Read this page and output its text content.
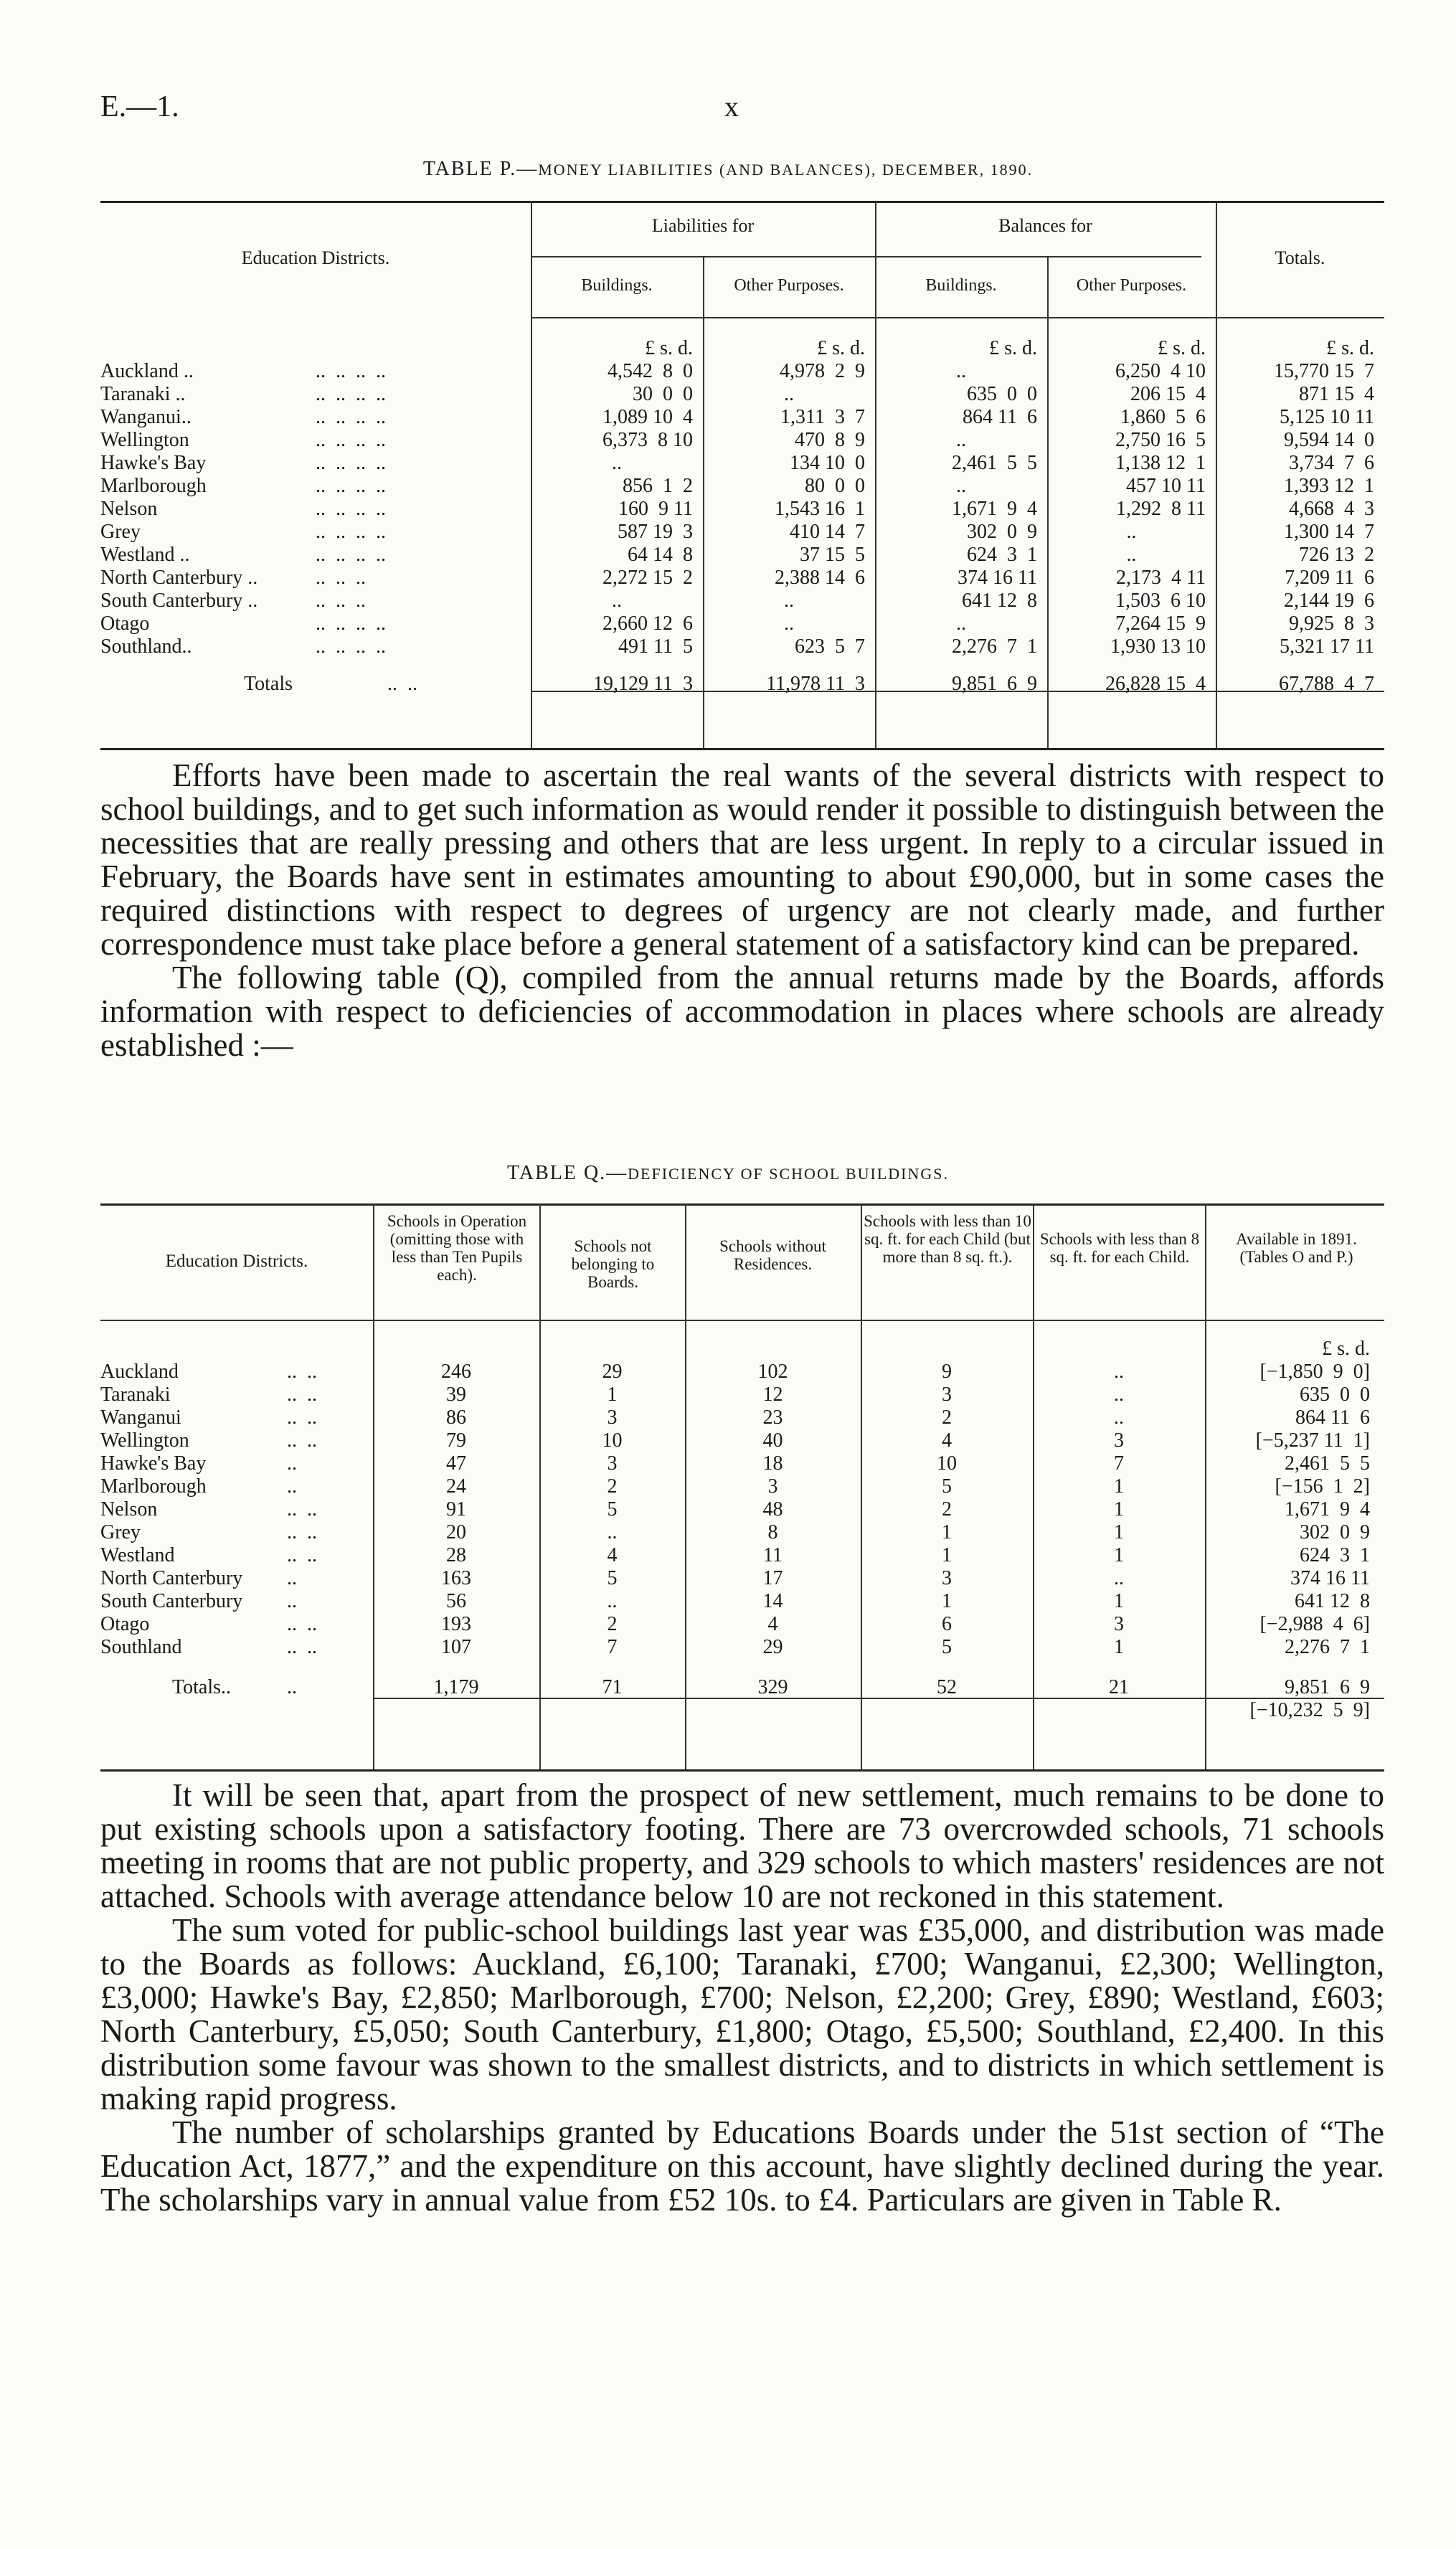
E.—1.	x
TABLE P.—MONEY LIABILITIES (AND BALANCES), DECEMBER, 1890.
Education Districts.
Liabilities for	Balances for
Totals.
Buildings.	Other Purposes.	Buildings.	Other Purposes.
	£ s. d.	£ s. d.	£ s. d.	£ s. d.	£ s. d.
Auckland .. ..  ..  ..  ..	4,542  8  0	4,978  2  9	..	6,250  4 10	15,770 15  7
Taranaki .. ..  ..  ..  ..	30  0  0	..	635  0  0	206 15  4	871 15  4
Wanganui.. ..  ..  ..  ..	1,089 10  4	1,311  3  7	864 11  6	1,860  5  6	5,125 10 11
Wellington ..  ..  ..  ..	6,373  8 10	470  8  9	..	2,750 16  5	9,594 14  0
Hawke's Bay ..  ..  ..  ..	..	134 10  0	2,461  5  5	1,138 12  1	3,734  7  6
Marlborough ..  ..  ..  ..	856  1  2	80  0  0	..	457 10 11	1,393 12  1
Nelson ..  ..  ..  ..	160  9 11	1,543 16  1	1,671  9  4	1,292  8 11	4,668  4  3
Grey ..  ..  ..  ..	587 19  3	410 14  7	302  0  9	..	1,300 14  7
Westland .. ..  ..  ..  ..	64 14  8	37 15  5	624  3  1	..	726 13  2
North Canterbury .. ..  ..  ..	2,272 15  2	2,388 14  6	374 16 11	2,173  4 11	7,209 11  6
South Canterbury .. ..  ..  ..	..	..	641 12  8	1,503  6 10	2,144 19  6
Otago ..  ..  ..  ..	2,660 12  6	..	..	7,264 15  9	9,925  8  3
Southland.. ..  ..  ..  ..	491 11  5	623  5  7	2,276  7  1	1,930 13 10	5,321 17 11

Totals ..  ..	19,129 11  3	11,978 11  3	9,851  6  9	26,828 15  4	67,788  4  7

Efforts have been made to ascertain the real wants of the several districts with respect to school buildings, and to get such information as would render it possible to distinguish between the necessities that are really pressing and others that are less urgent. In reply to a circular issued in February, the Boards have sent in estimates amounting to about £90,000, but in some cases the required distinctions with respect to degrees of urgency are not clearly made, and further correspondence must take place before a general statement of a satisfactory kind can be prepared.

The following table (Q), compiled from the annual returns made by the Boards, affords information with respect to deficiencies of accommodation in places where schools are already established :—

TABLE Q.—DEFICIENCY OF SCHOOL BUILDINGS.
Education Districts.
Schools in Operation (omitting those with less than Ten Pupils each).
Schools not belonging to Boards.
Schools without Residences.
Schools with less than 10 sq. ft. for each Child (but more than 8 sq. ft.).
Schools with less than 8 sq. ft. for each Child.
Available in 1891. (Tables O and P.)
						£ s. d.
Auckland ..  ..	246	29	102	9	..	[−1,850  9  0]
Taranaki ..  ..	39	1	12	3	..	635  0  0
Wanganui ..  ..	86	3	23	2	..	864 11  6
Wellington ..  ..	79	10	40	4	3	[−5,237 11  1]
Hawke's Bay ..	47	3	18	10	7	2,461  5  5
Marlborough ..	24	2	3	5	1	[−156  1  2]
Nelson ..  ..	91	5	48	2	1	1,671  9  4
Grey ..  ..	20	..	8	1	1	302  0  9
Westland ..  ..	28	4	11	1	1	624  3  1
North Canterbury ..	163	5	17	3	..	374 16 11
South Canterbury ..	56	..	14	1	1	641 12  8
Otago ..  ..	193	2	4	6	3	[−2,988  4  6]
Southland ..  ..	107	7	29	5	1	2,276  7  1

Totals.. ..	1,179	71	329	52	21	9,851  6  9
						[−10,232  5  9]

It will be seen that, apart from the prospect of new settlement, much remains to be done to put existing schools upon a satisfactory footing. There are 73 overcrowded schools, 71 schools meeting in rooms that are not public property, and 329 schools to which masters' residences are not attached. Schools with average attendance below 10 are not reckoned in this statement.

The sum voted for public-school buildings last year was £35,000, and distribution was made to the Boards as follows: Auckland, £6,100; Taranaki, £700; Wanganui, £2,300; Wellington, £3,000; Hawke's Bay, £2,850; Marlborough, £700; Nelson, £2,200; Grey, £890; Westland, £603; North Canterbury, £5,050; South Canterbury, £1,800; Otago, £5,500; Southland, £2,400. In this distribution some favour was shown to the smallest districts, and to districts in which settlement is making rapid progress.

The number of scholarships granted by Educations Boards under the 51st section of “The Education Act, 1877,” and the expenditure on this account, have slightly declined during the year. The scholarships vary in annual value from £52 10s. to £4. Particulars are given in Table R.
